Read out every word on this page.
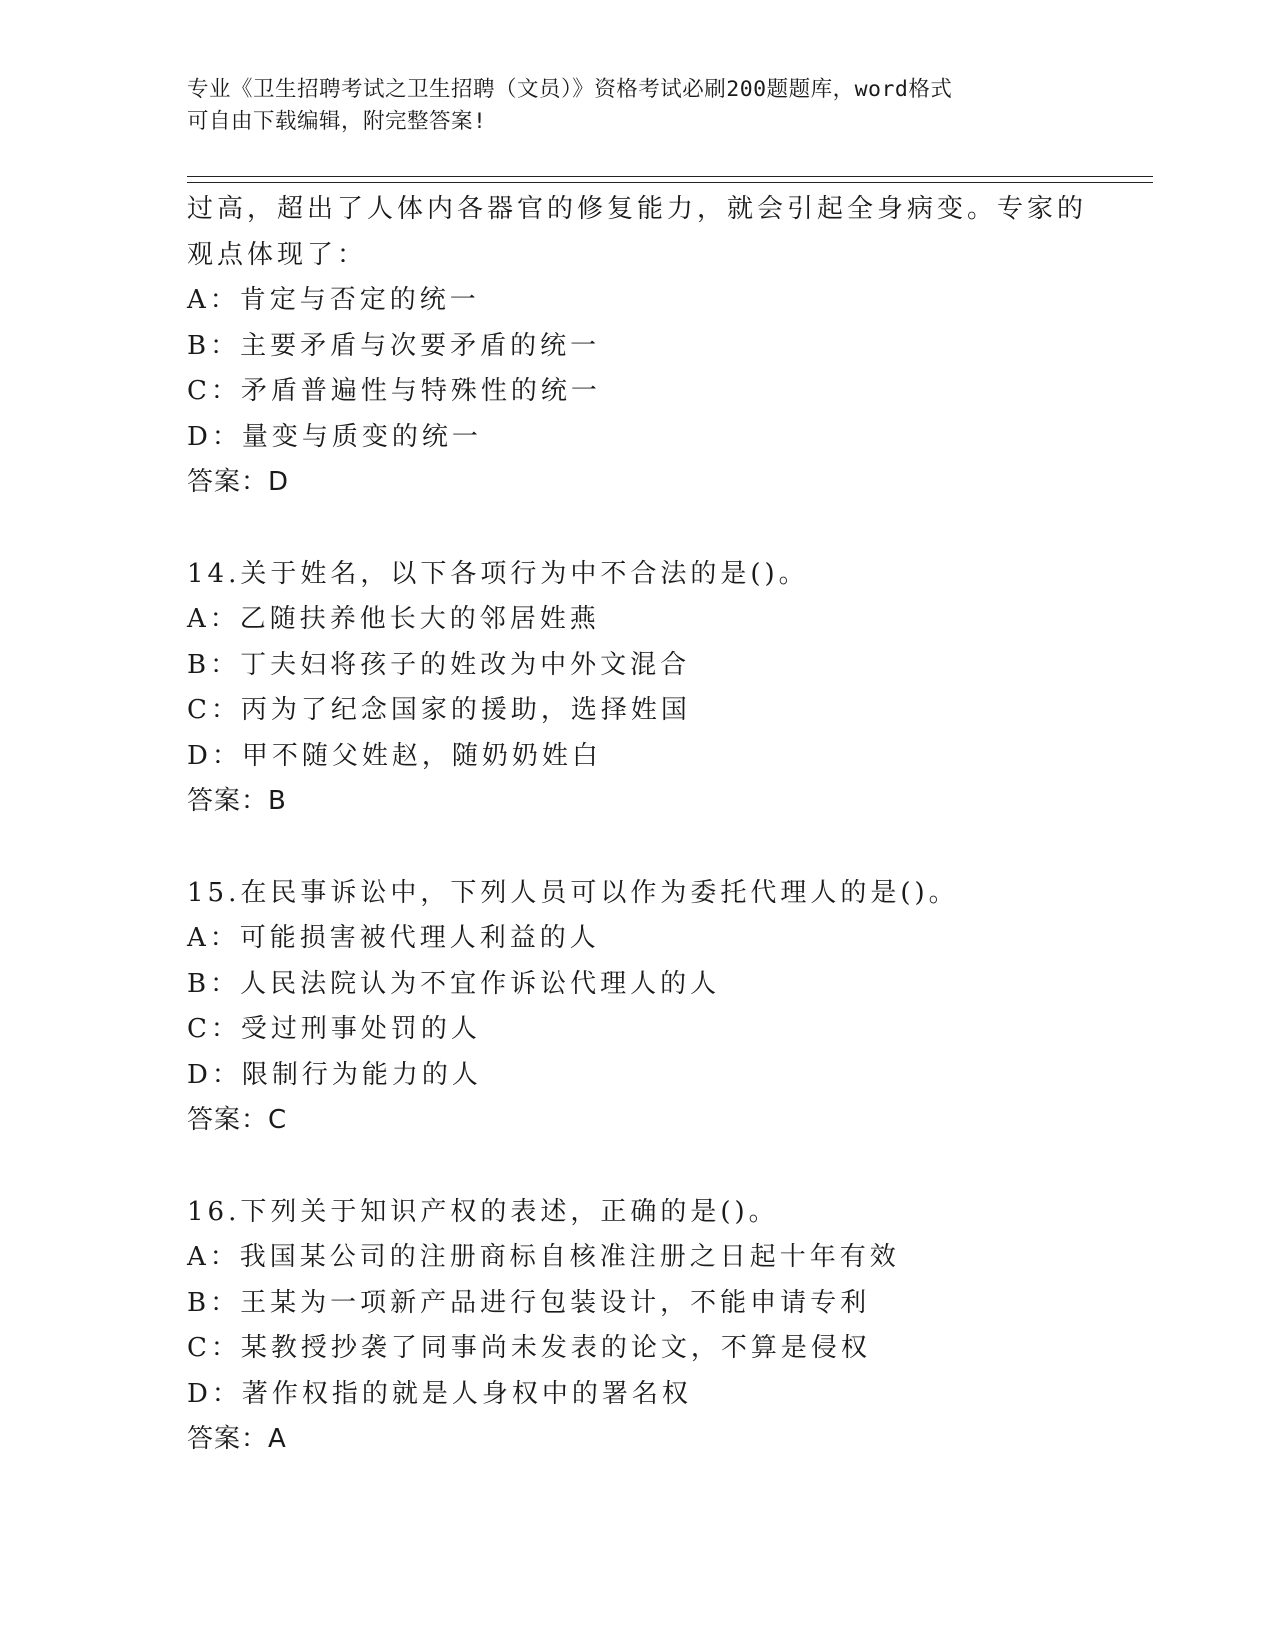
专业《卫生招聘考试之卫生招聘（文员）》资格考试必刷200题题库，word格式
可自由下载编辑，附完整答案!
过高，超出了人体内各器官的修复能力，就会引起全身病变。专家的
观点体现了：
A：肯定与否定的统一
B：主要矛盾与次要矛盾的统一
C：矛盾普遍性与特殊性的统一
D：量变与质变的统一
答案：D
14.关于姓名，以下各项行为中不合法的是()。
A：乙随扶养他长大的邻居姓燕
B：丁夫妇将孩子的姓改为中外文混合
C：丙为了纪念国家的援助，选择姓国
D：甲不随父姓赵，随奶奶姓白
答案：B
15.在民事诉讼中，下列人员可以作为委托代理人的是()。
A：可能损害被代理人利益的人
B：人民法院认为不宜作诉讼代理人的人
C：受过刑事处罚的人
D：限制行为能力的人
答案：C
16.下列关于知识产权的表述，正确的是()。
A：我国某公司的注册商标自核准注册之日起十年有效
B：王某为一项新产品进行包装设计，不能申请专利
C：某教授抄袭了同事尚未发表的论文，不算是侵权
D：著作权指的就是人身权中的署名权
答案：A
